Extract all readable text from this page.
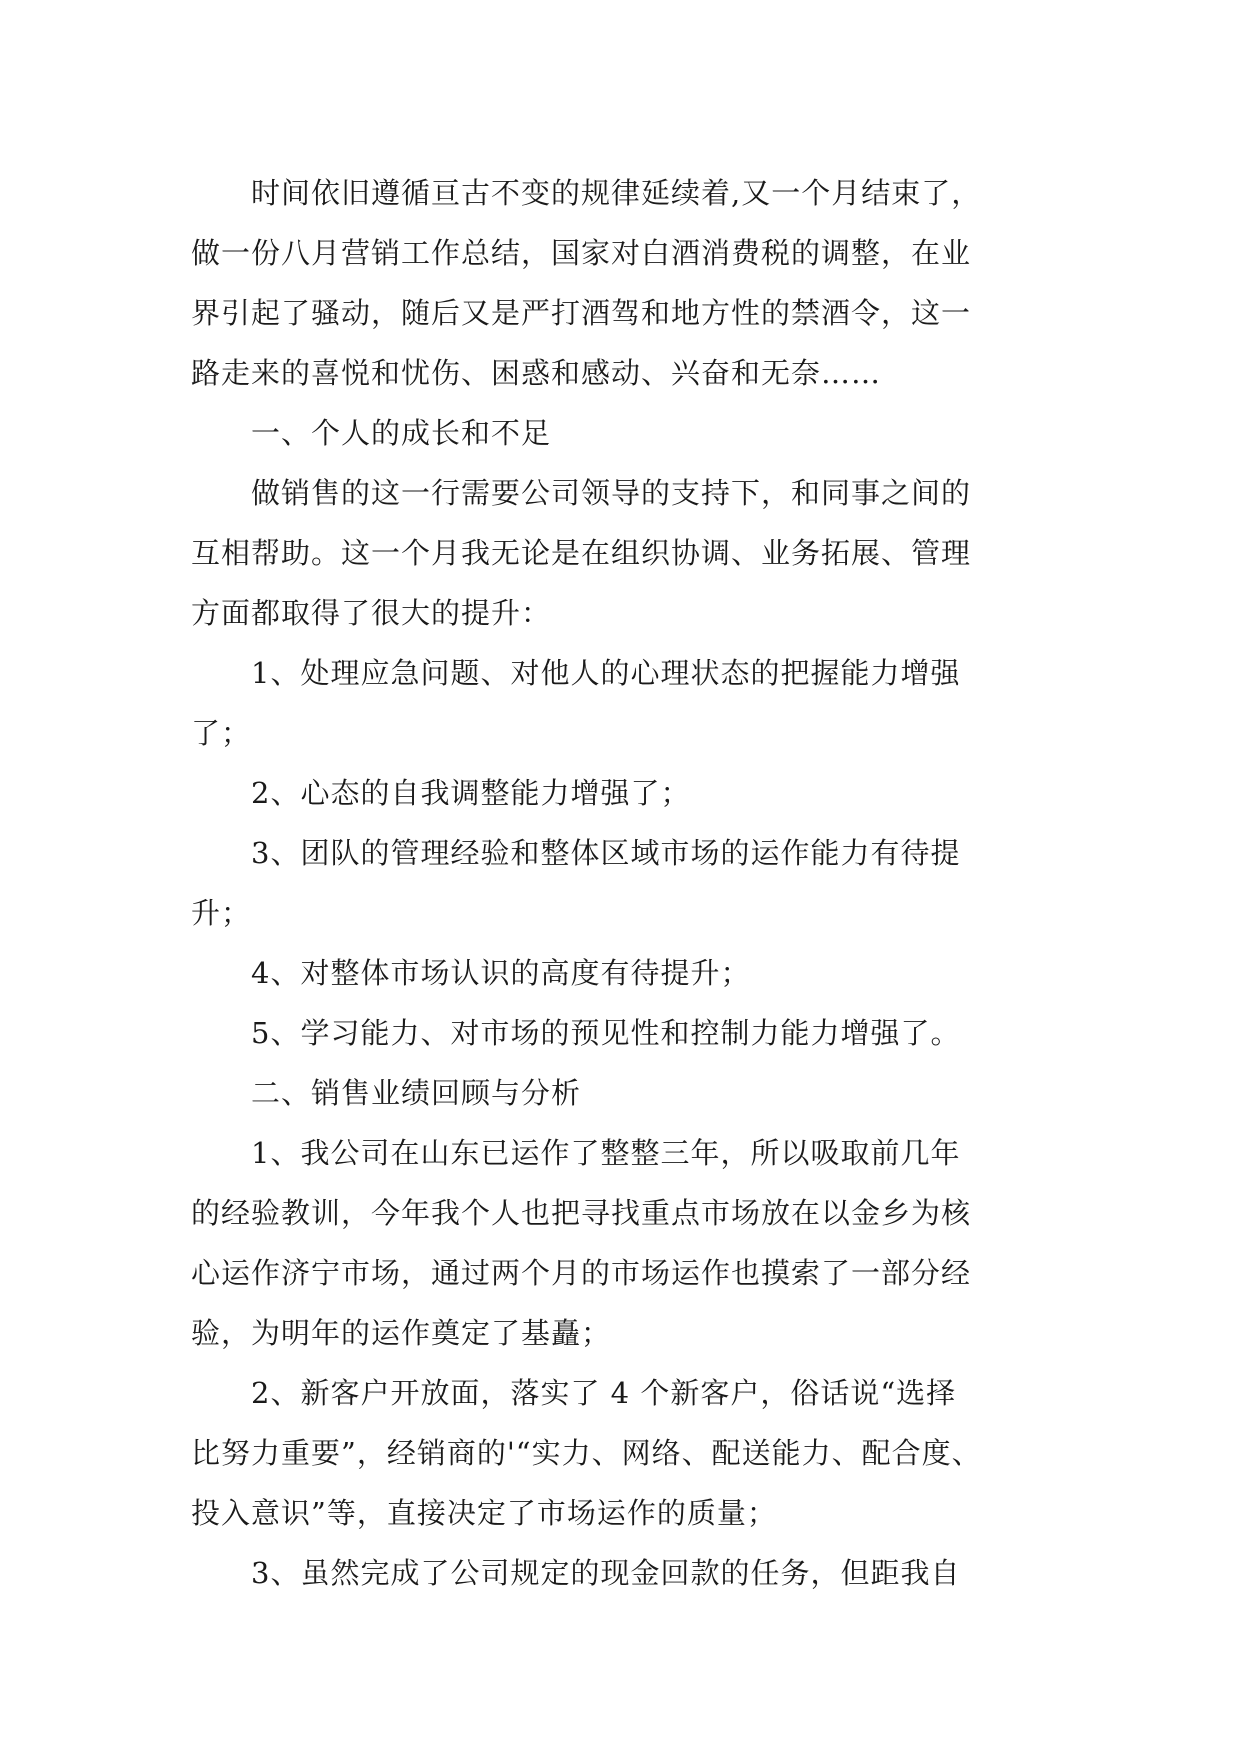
时间依旧遵循亘古不变的规律延续着,又一个月结束了，
做一份八月营销工作总结，国家对白酒消费税的调整，在业
界引起了骚动，随后又是严打酒驾和地方性的禁酒令，这一
路走来的喜悦和忧伤、困惑和感动、兴奋和无奈……
一、个人的成长和不足
做销售的这一行需要公司领导的支持下，和同事之间的
互相帮助。这一个月我无论是在组织协调、业务拓展、管理
方面都取得了很大的提升：
1、处理应急问题、对他人的心理状态的把握能力增强
了；
2、心态的自我调整能力增强了；
3、团队的管理经验和整体区域市场的运作能力有待提
升；
4、对整体市场认识的高度有待提升；
5、学习能力、对市场的预见性和控制力能力增强了。
二、销售业绩回顾与分析
1、我公司在山东已运作了整整三年，所以吸取前几年
的经验教训，今年我个人也把寻找重点市场放在以金乡为核
心运作济宁市场，通过两个月的市场运作也摸索了一部分经
验，为明年的运作奠定了基矗；
2、新客户开放面，落实了 4 个新客户，俗话说“选择
比努力重要”，经销商的'“实力、网络、配送能力、配合度、
投入意识”等，直接决定了市场运作的质量；
3、虽然完成了公司规定的现金回款的任务，但距我自
